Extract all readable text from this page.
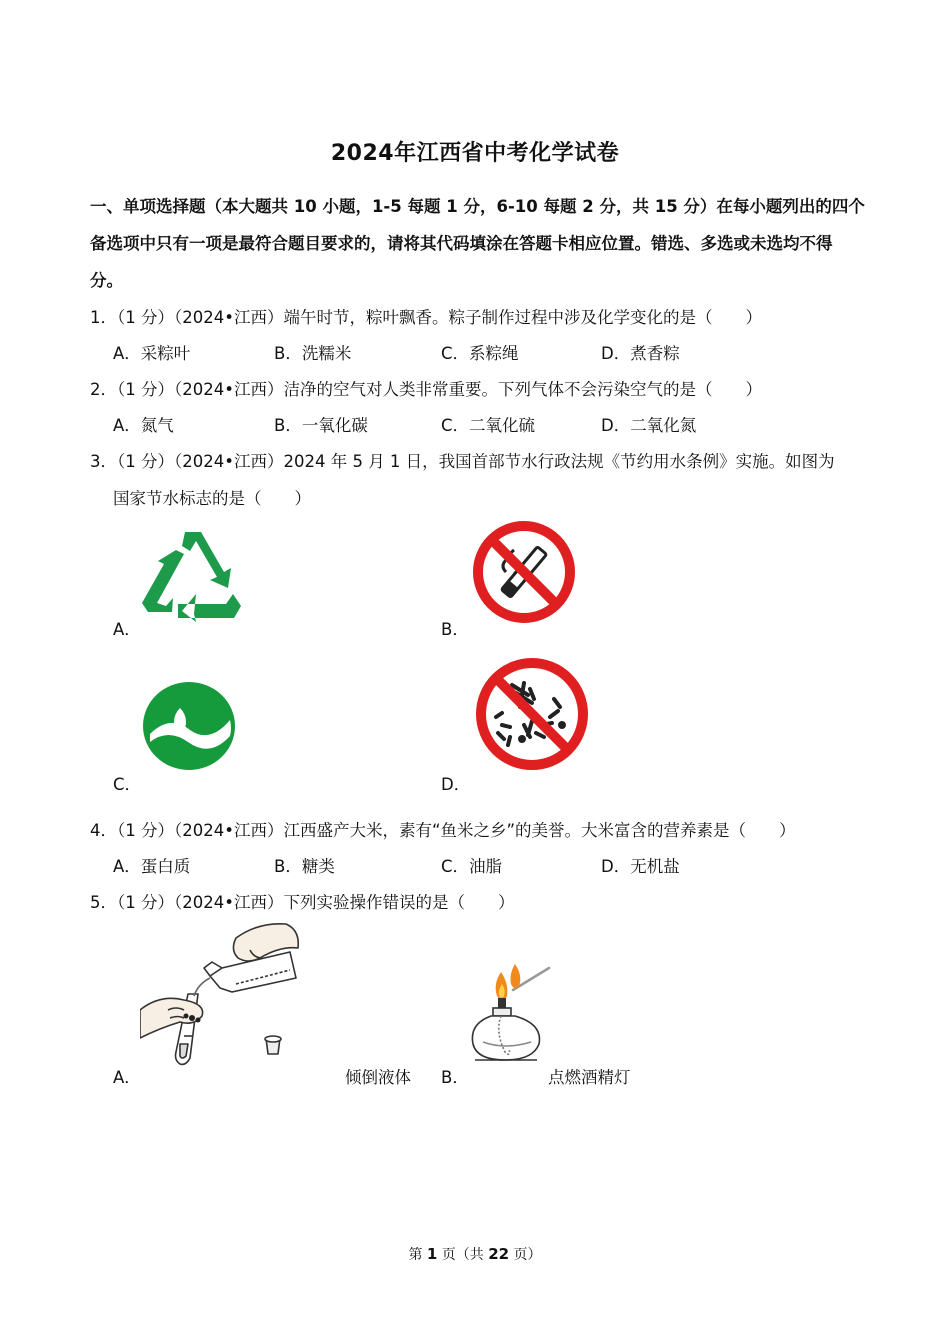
2024年江西省中考化学试卷
一、单项选择题（本大题共 10 小题，1-5 每题 1 分，6-10 每题 2 分，共 15 分）在每小题列出的四个
备选项中只有一项是最符合题目要求的，请将其代码填涂在答题卡相应位置。错选、多选或未选均不得
分。
1．（1 分）（2024•江西）端午时节，粽叶飘香。粽子制作过程中涉及化学变化的是（　　）
A．采粽叶	B．洗糯米	C．系粽绳	D．煮香粽
2．（1 分）（2024•江西）洁净的空气对人类非常重要。下列气体不会污染空气的是（　　）
A．氮气	B．一氧化碳	C．二氧化硫	D．二氧化氮
3．（1 分）（2024•江西）2024 年 5 月 1 日，我国首部节水行政法规《节约用水条例》实施。如图为
国家节水标志的是（　　）
A．	B．
C．	D．
4．（1 分）（2024•江西）江西盛产大米，素有“鱼米之乡”的美誉。大米富含的营养素是（　　）
A．蛋白质	B．糖类	C．油脂	D．无机盐
5．（1 分）（2024•江西）下列实验操作错误的是（　　）
A．	倾倒液体 B．	点燃酒精灯
第 1 页（共 22 页）
